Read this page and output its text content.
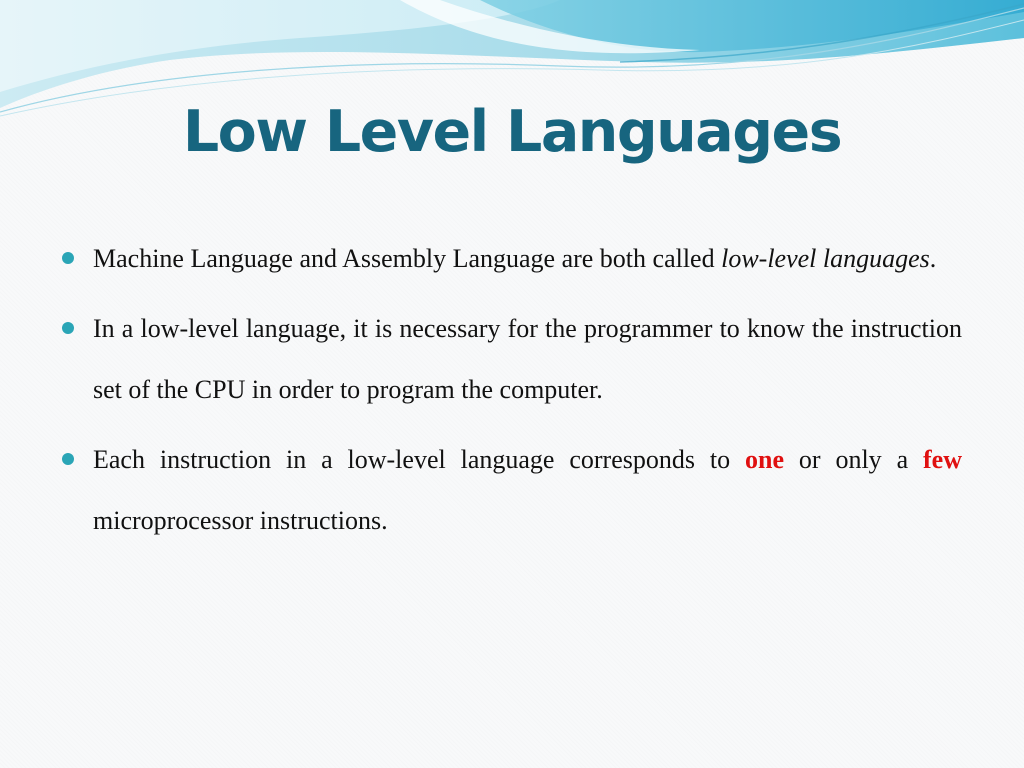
Low Level Languages
Machine Language and Assembly Language are both called low-level languages.
In a low-level language, it is necessary for the programmer to know the instruction set of the CPU in order to program the computer.
Each instruction in a low-level language corresponds to one or only a few microprocessor instructions.
